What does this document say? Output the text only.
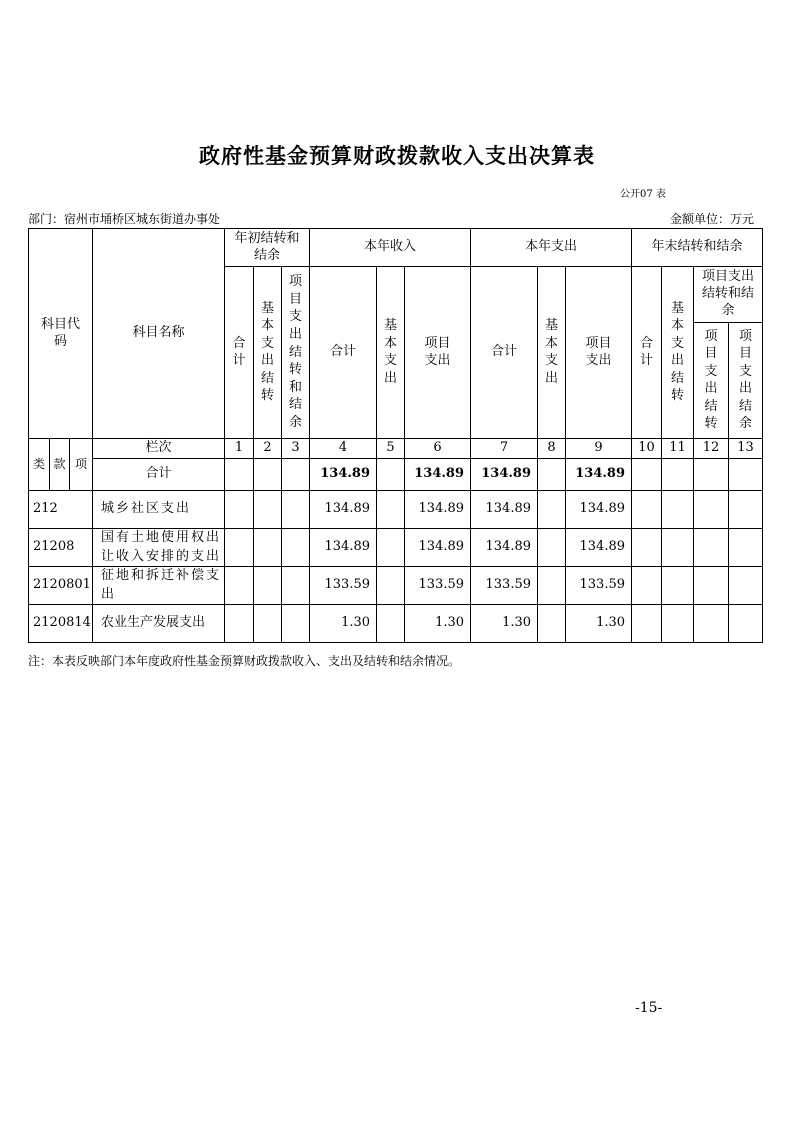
政府性基金预算财政拨款收入支出决算表
公开07 表
部门：宿州市埇桥区城东街道办事处	金额单位：万元
科目代码			科目名称	年初结转和结余			本年收入			本年支出			年末结转和结余			
				合计	基本支出结转	项目支出结转和结余	合计	基本支出	项目支出	合计	基本支出	项目支出	合计	基本支出结转	项目支出结转和结余	
															项目支出结转	项目支出结余
类	款	项	栏次	1	2	3	4	5	6	7	8	9	10	11	12	13
			合计				134.89		134.89	134.89		134.89				
212			城乡社区支出				134.89		134.89	134.89		134.89				
21208			国有土地使用权出让收入安排的支出				134.89		134.89	134.89		134.89				
2120801			征地和拆迁补偿支出				133.59		133.59	133.59		133.59				
2120814			农业生产发展支出				1.30		1.30	1.30		1.30				
注：本表反映部门本年度政府性基金预算财政拨款收入、支出及结转和结余情况。
-15-
